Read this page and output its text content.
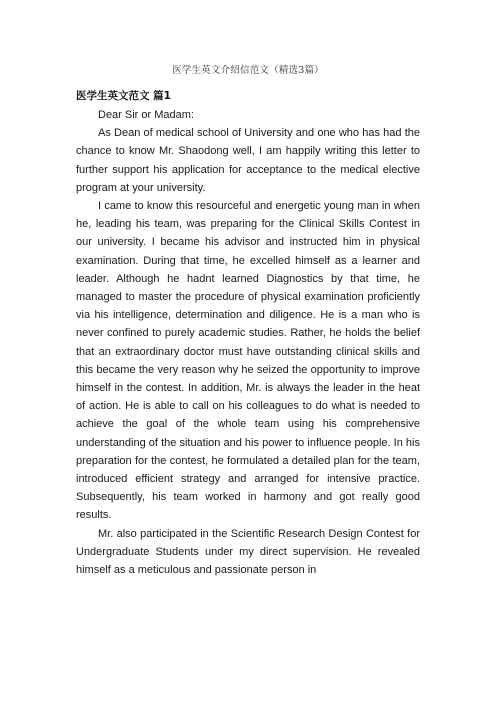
医学生英文介绍信范文（精选3篇）
医学生英文范文 篇1

Dear Sir or Madam:

As Dean of medical school of University and one who has had the chance to know Mr. Shaodong well, I am happily writing this letter to further support his application for acceptance to the medical elective program at your university.

I came to know this resourceful and energetic young man in when he, leading his team, was preparing for the Clinical Skills Contest in our university. I became his advisor and instructed him in physical examination. During that time, he excelled himself as a learner and leader. Although he hadnt learned Diagnostics by that time, he managed to master the procedure of physical examination proficiently via his intelligence, determination and diligence. He is a man who is never confined to purely academic studies. Rather, he holds the belief that an extraordinary doctor must have outstanding clinical skills and this became the very reason why he seized the opportunity to improve himself in the contest. In addition, Mr. is always the leader in the heat of action. He is able to call on his colleagues to do what is needed to achieve the goal of the whole team using his comprehensive understanding of the situation and his power to influence people. In his preparation for the contest, he formulated a detailed plan for the team, introduced efficient strategy and arranged for intensive practice. Subsequently, his team worked in harmony and got really good results.

Mr. also participated in the Scientific Research Design Contest for Undergraduate Students under my direct supervision. He revealed himself as a meticulous and passionate person in
